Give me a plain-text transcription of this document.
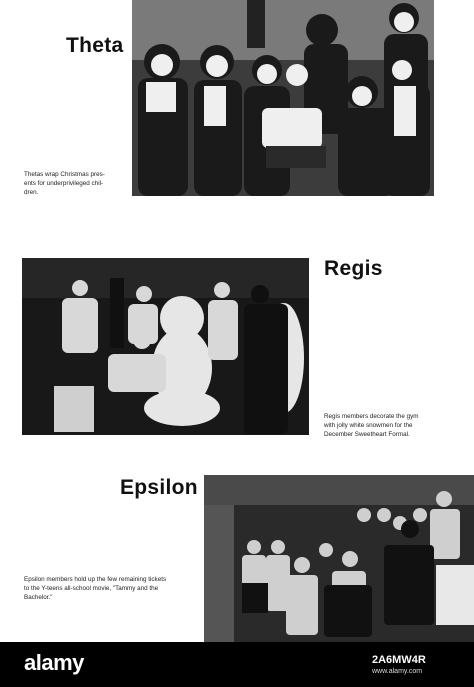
Theta
Thetas wrap Christmas pres-
ents for underprivileged chil-
dren.
Regis
Regis members decorate the gym
with jolly white snowmen for the
December Sweetheart Formal.
Epsilon
Epsilon members hold up the few remaining tickets
to the Y-teens all-school movie, "Tammy and the
Bachelor."
alamy	2A6MW4R
www.alamy.com
